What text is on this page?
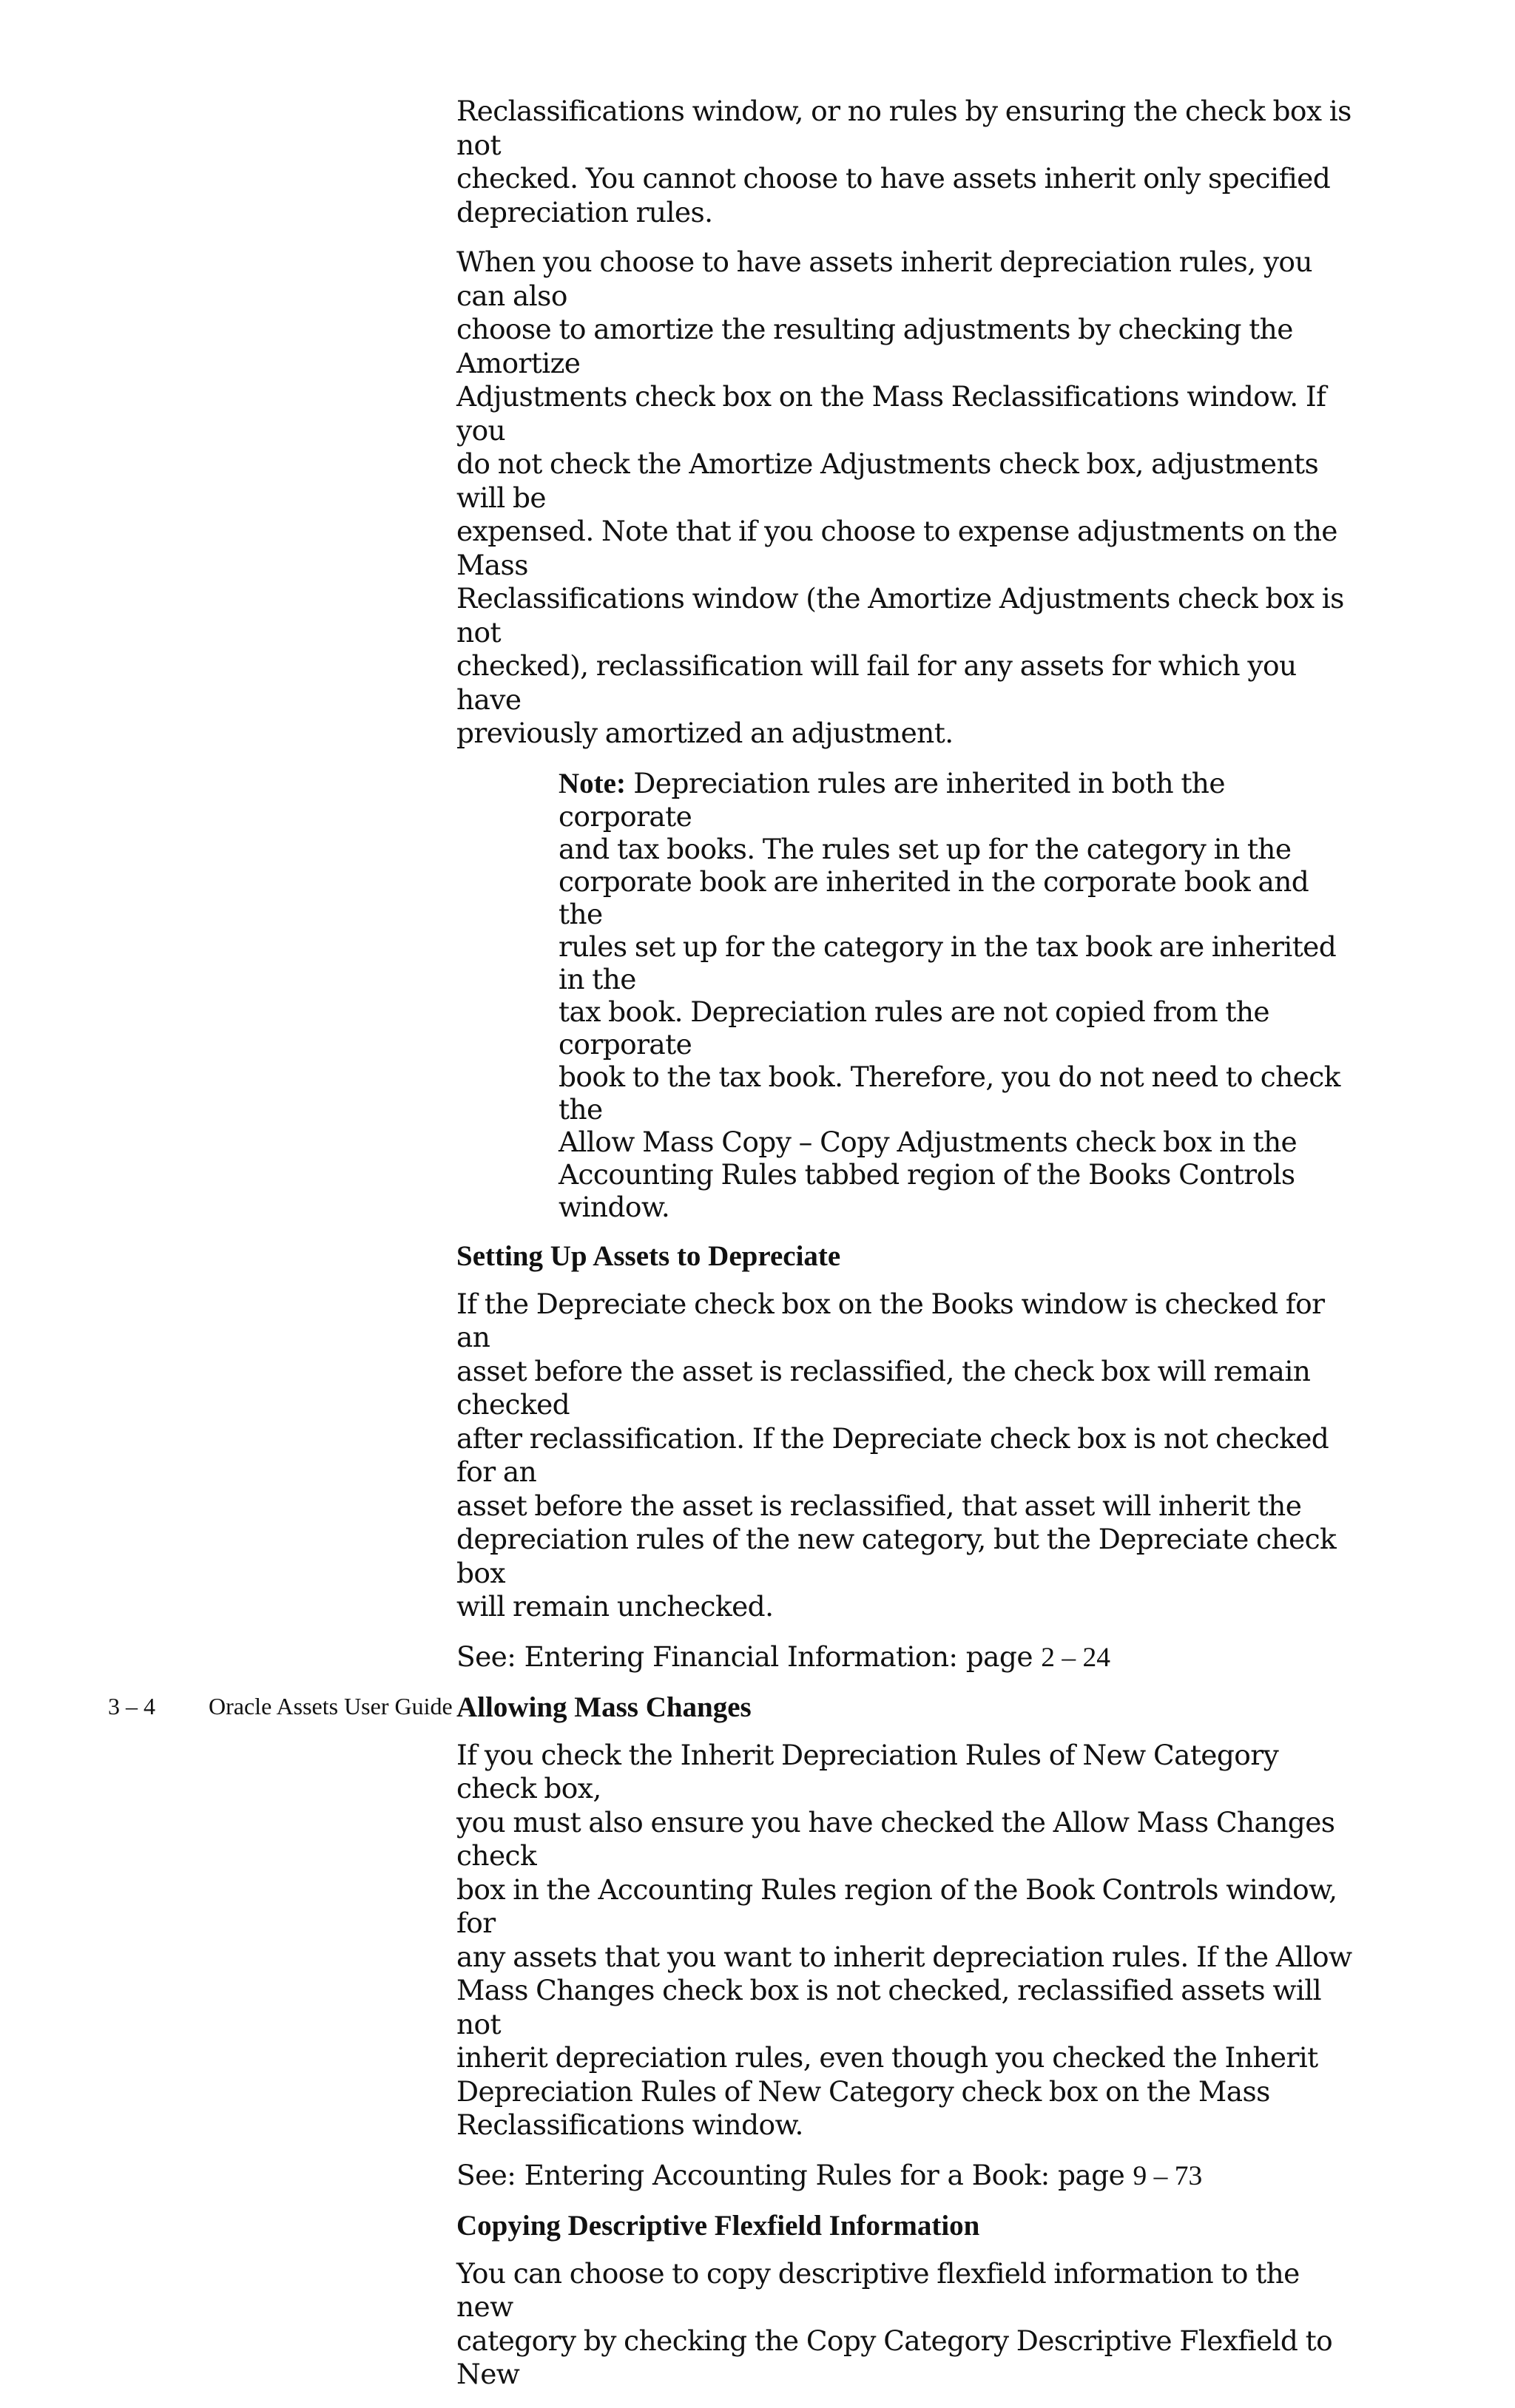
Reclassifications window, or no rules by ensuring the check box is not
checked. You cannot choose to have assets inherit only specified
depreciation rules.

When you choose to have assets inherit depreciation rules, you can also
choose to amortize the resulting adjustments by checking the Amortize
Adjustments check box on the Mass Reclassifications window. If you
do not check the Amortize Adjustments check box, adjustments will be
expensed. Note that if you choose to expense adjustments on the Mass
Reclassifications window (the Amortize Adjustments check box is not
checked), reclassification will fail for any assets for which you have
previously amortized an adjustment.

Note: Depreciation rules are inherited in both the corporate
and tax books. The rules set up for the category in the
corporate book are inherited in the corporate book and the
rules set up for the category in the tax book are inherited in the
tax book. Depreciation rules are not copied from the corporate
book to the tax book. Therefore, you do not need to check the
Allow Mass Copy – Copy Adjustments check box in the
Accounting Rules tabbed region of the Books Controls window.

Setting Up Assets to Depreciate

If the Depreciate check box on the Books window is checked for an
asset before the asset is reclassified, the check box will remain checked
after reclassification. If the Depreciate check box is not checked for an
asset before the asset is reclassified, that asset will inherit the
depreciation rules of the new category, but the Depreciate check box
will remain unchecked.

See: Entering Financial Information: page 2 – 24

Allowing Mass Changes

If you check the Inherit Depreciation Rules of New Category check box,
you must also ensure you have checked the Allow Mass Changes check
box in the Accounting Rules region of the Book Controls window, for
any assets that you want to inherit depreciation rules. If the Allow
Mass Changes check box is not checked, reclassified assets will not
inherit depreciation rules, even though you checked the Inherit
Depreciation Rules of New Category check box on the Mass
Reclassifications window.

See: Entering Accounting Rules for a Book: page 9 – 73

Copying Descriptive Flexfield Information

You can choose to copy descriptive flexfield information to the new
category by checking the Copy Category Descriptive Flexfield to New

3 – 4 Oracle Assets User Guide
